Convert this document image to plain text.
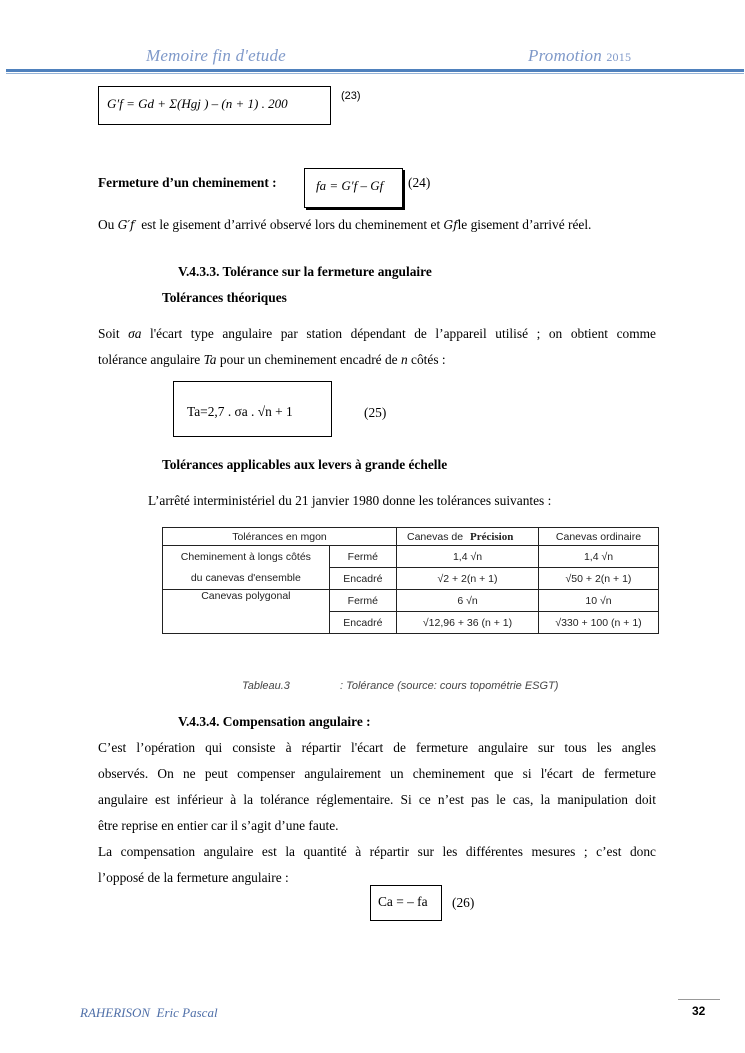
Memoire fin d'etude	Promotion 2015
G′f = Gd + Σ(Hgj ) – (n + 1) . 200	(23)
Fermeture d’un cheminement :	fa = G′f – Gf (24)
Ou G′f est le gisement d’arrivé observé lors du cheminement et Gfle gisement d’arrivé réel.
V.4.3.3. Tolérance sur la fermeture angulaire
Tolérances théoriques
Soit σa l'écart type angulaire par station dépendant de l’appareil utilisé ; on obtient comme
tolérance angulaire Ta pour un cheminement encadré de n côtés :
Ta=2,7 . σa . √n + 1	(25)
Tolérances applicables aux levers à grande échelle
L’arrêté interministériel du 21 janvier 1980 donne les tolérances suivantes :
Tolérances en mgon		Canevas de Précision	Canevas ordinaire
Cheminement à longs côtés	Fermé	1,4 √n	1,4 √n
du canevas d'ensemble	Encadré	√2 + 2(n + 1)	√50 + 2(n + 1)
Canevas polygonal	Fermé	6 √n	10 √n
	Encadré	√12,96 + 36 (n + 1)	√330 + 100 (n + 1)
Tableau.3	: Tolérance (source: cours topométrie ESGT)
V.4.3.4. Compensation angulaire :
C’est l’opération qui consiste à répartir l'écart de fermeture angulaire sur tous les angles
observés. On ne peut compenser angulairement un cheminement que si l'écart de fermeture
angulaire est inférieur à la tolérance réglementaire. Si ce n’est pas le cas, la manipulation doit
être reprise en entier car il s’agit d’une faute.
La compensation angulaire est la quantité à répartir sur les différentes mesures ; c’est donc
l’opposé de la fermeture angulaire :
Ca = – fa (26)
RAHERISON  Eric Pascal	32
